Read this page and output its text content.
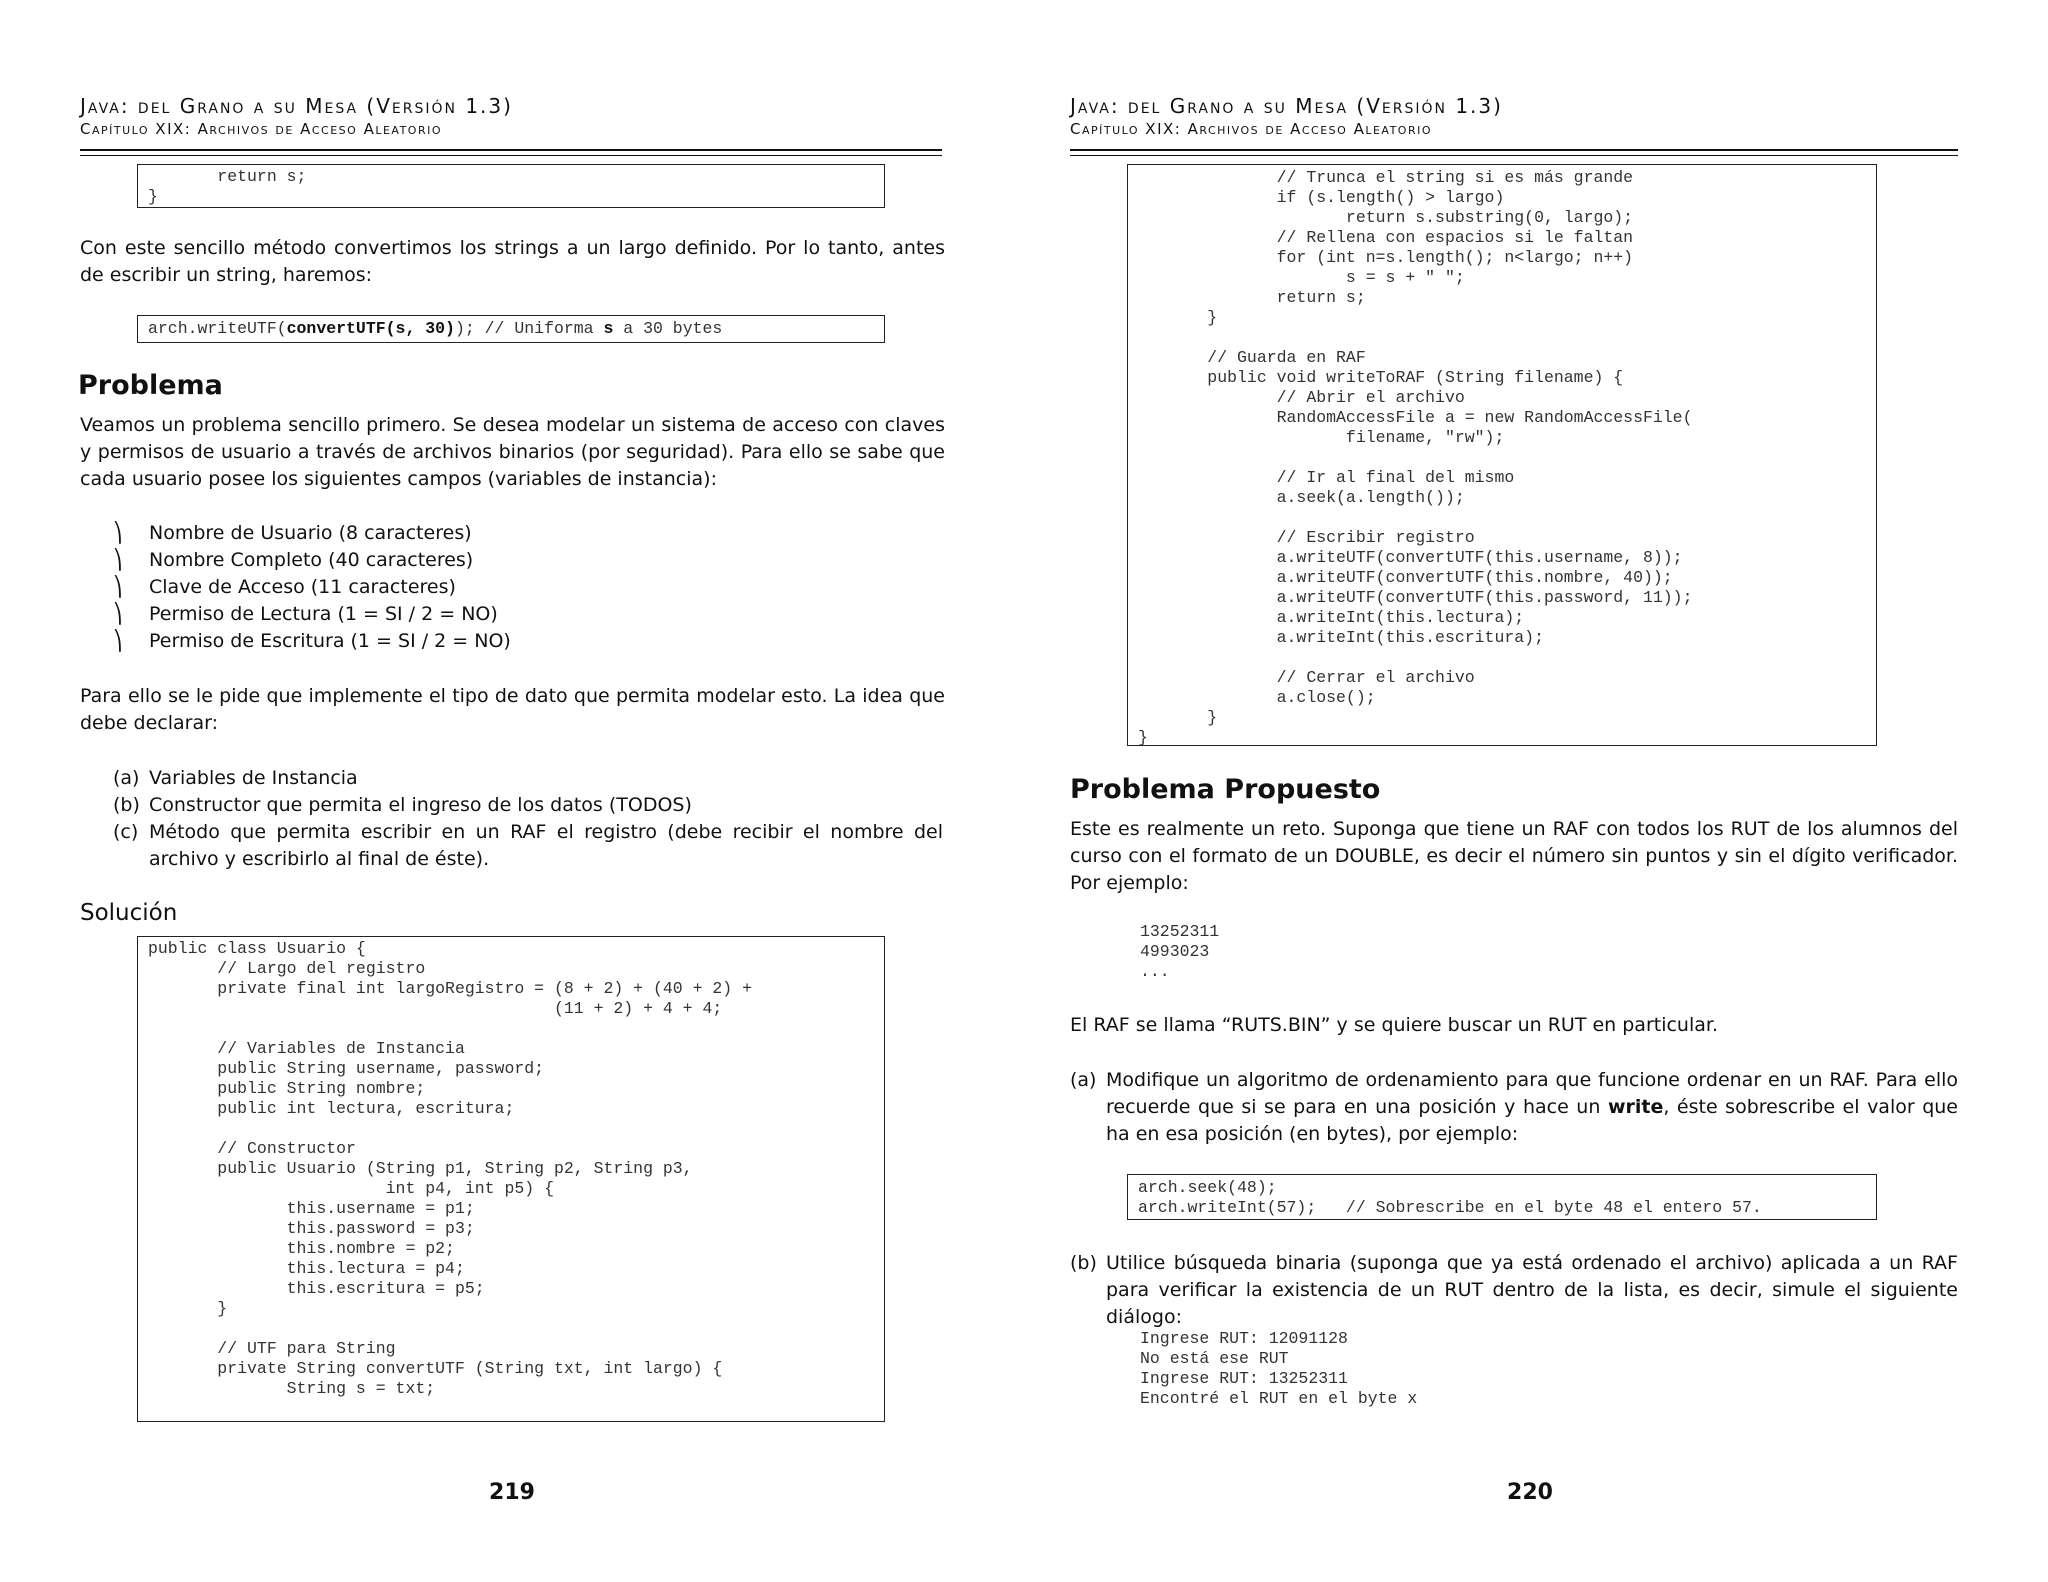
Java: del Grano a su Mesa (Versión 1.3)
Capítulo XIX: Archivos de Acceso Aleatorio
return s;
}
Con este sencillo método convertimos los strings a un largo definido. Por lo tanto, antes de escribir un string, haremos:
arch.writeUTF(convertUTF(s, 30)); // Uniforma s a 30 bytes
Problema
Veamos un problema sencillo primero. Se desea modelar un sistema de acceso con claves y permisos de usuario a través de archivos binarios (por seguridad). Para ello se sabe que cada usuario posee los siguientes campos (variables de instancia):
⎞ Nombre de Usuario (8 caracteres)
⎞ Nombre Completo (40 caracteres)
⎞ Clave de Acceso (11 caracteres)
⎞ Permiso de Lectura (1 = SI / 2 = NO)
⎞ Permiso de Escritura (1 = SI / 2 = NO)
Para ello se le pide que implemente el tipo de dato que permita modelar esto. La idea que debe declarar:
(a) Variables de Instancia
(b) Constructor que permita el ingreso de los datos (TODOS)
(c) Método que permita escribir en un RAF el registro (debe recibir el nombre del archivo y escribirlo al final de éste).
Solución
public class Usuario {
// Largo del registro
private final int largoRegistro = (8 + 2) + (40 + 2) +
(11 + 2) + 4 + 4;

// Variables de Instancia
public String username, password;
public String nombre;
public int lectura, escritura;

// Constructor
public Usuario (String p1, String p2, String p3,
int p4, int p5) {
this.username = p1;
this.password = p3;
this.nombre = p2;
this.lectura = p4;
this.escritura = p5;
}

// UTF para String
private String convertUTF (String txt, int largo) {
String s = txt;
219
Java: del Grano a su Mesa (Versión 1.3)
Capítulo XIX: Archivos de Acceso Aleatorio
// Trunca el string si es más grande
if (s.length() > largo)
return s.substring(0, largo);
// Rellena con espacios si le faltan
for (int n=s.length(); n<largo; n++)
s = s + " ";
return s;
}

// Guarda en RAF
public void writeToRAF (String filename) {
// Abrir el archivo
RandomAccessFile a = new RandomAccessFile(
filename, "rw");

// Ir al final del mismo
a.seek(a.length());

// Escribir registro
a.writeUTF(convertUTF(this.username, 8));
a.writeUTF(convertUTF(this.nombre, 40));
a.writeUTF(convertUTF(this.password, 11));
a.writeInt(this.lectura);
a.writeInt(this.escritura);

// Cerrar el archivo
a.close();
}
}
Problema Propuesto
Este es realmente un reto. Suponga que tiene un RAF con todos los RUT de los alumnos del curso con el formato de un DOUBLE, es decir el número sin puntos y sin el dígito verificador. Por ejemplo:
13252311
4993023
...
El RAF se llama “RUTS.BIN” y se quiere buscar un RUT en particular.
(a) Modifique un algoritmo de ordenamiento para que funcione ordenar en un RAF. Para ello recuerde que si se para en una posición y hace un write, éste sobrescribe el valor que ha en esa posición (en bytes), por ejemplo:
arch.seek(48);
arch.writeInt(57);   // Sobrescribe en el byte 48 el entero 57.
(b) Utilice búsqueda binaria (suponga que ya está ordenado el archivo) aplicada a un RAF para verificar la existencia de un RUT dentro de la lista, es decir, simule el siguiente diálogo:
Ingrese RUT: 12091128
No está ese RUT
Ingrese RUT: 13252311
Encontré el RUT en el byte x
220
